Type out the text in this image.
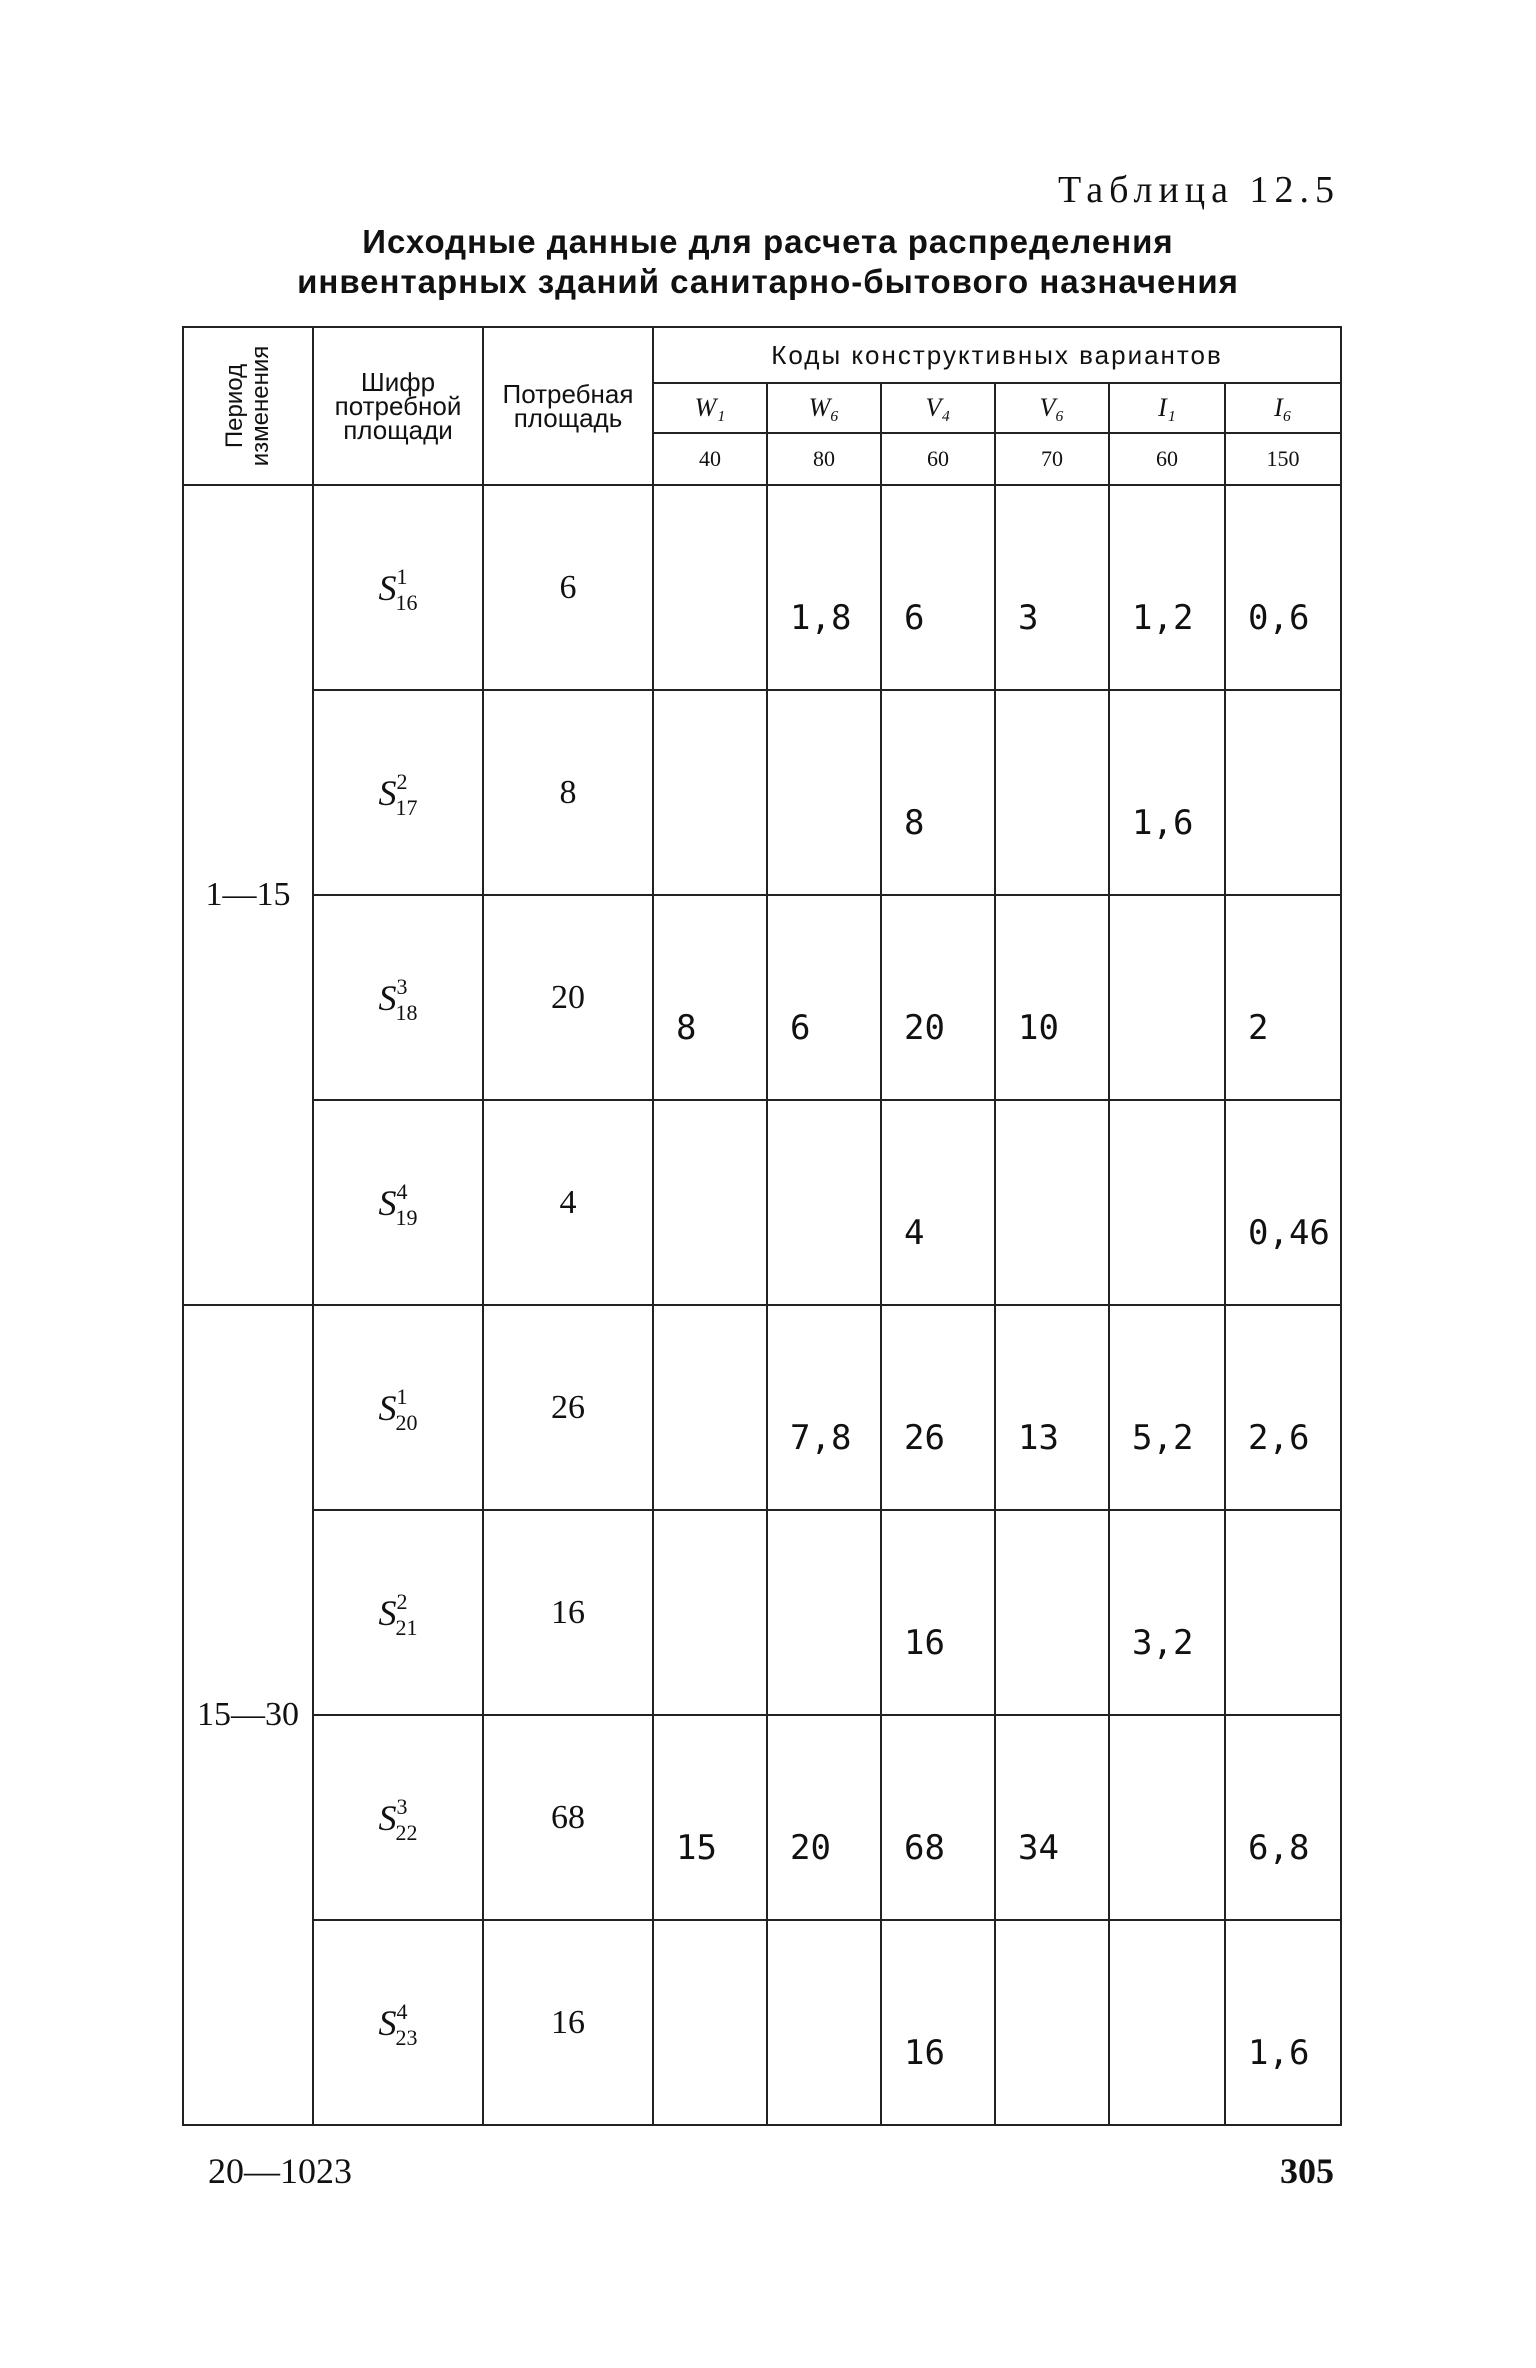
Таблица 12.5
Исходные данные для расчета распределения
инвентарных зданий санитарно-бытового назначения
Период изменения	Шифр потребной площади	Потребная площадь	Коды конструктивных вариантов					
			W₁	W₆	V₄	V₆	I₁	I₆
			40	80	60	70	60	150
1—15	$S^1_{16}$	6		1,8	6	3	1,2	0,6
	$S^2_{17}$	8			8		1,6	
	$S^3_{18}$	20	8	6	20	10		2
	$S^4_{19}$	4			4			0,46
15—30	$S^1_{20}$	26		7,8	26	13	5,2	2,6
	$S^2_{21}$	16			16		3,2	
	$S^3_{22}$	68	15	20	68	34		6,8
	$S^4_{23}$	16			16			1,6
20—1023	305
